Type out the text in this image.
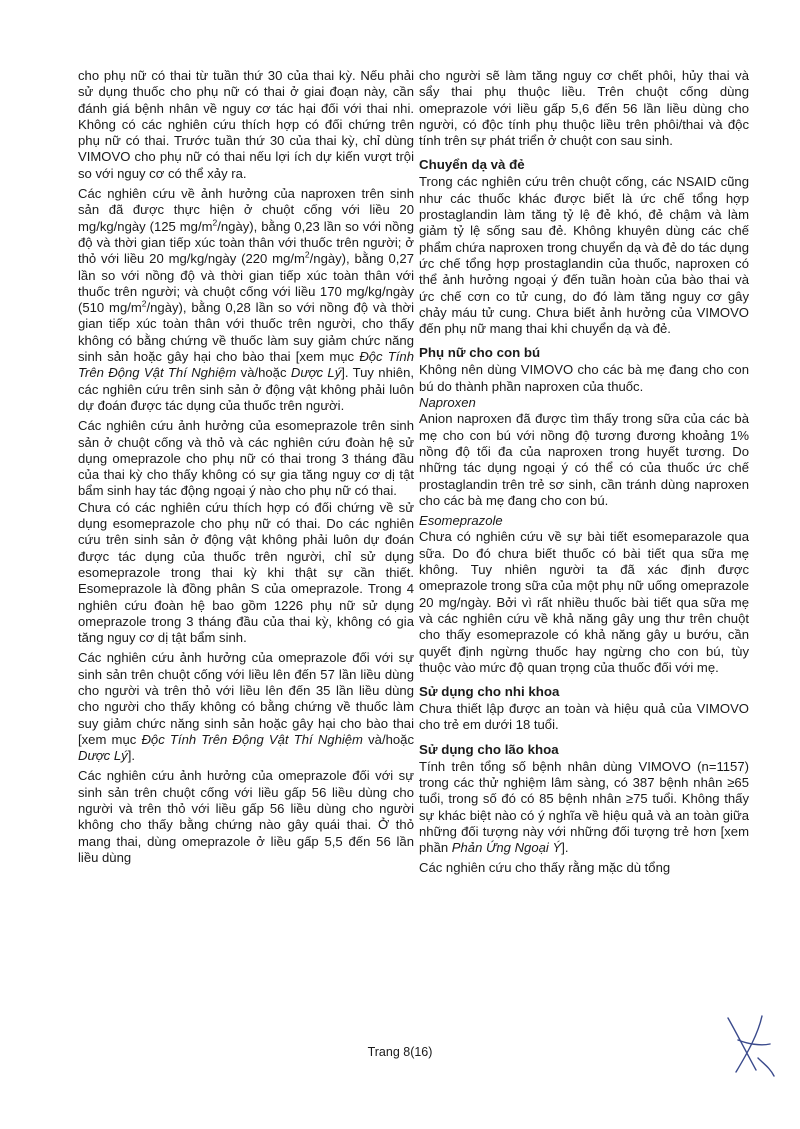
cho phụ nữ có thai từ tuần thứ 30 của thai kỳ. Nếu phải sử dụng thuốc cho phụ nữ có thai ở giai đoạn này, cần đánh giá bệnh nhân về nguy cơ tác hại đối với thai nhi. Không có các nghiên cứu thích hợp có đối chứng trên phụ nữ có thai. Trước tuần thứ 30 của thai kỳ, chỉ dùng VIMOVO cho phụ nữ có thai nếu lợi ích dự kiến vượt trội so với nguy cơ có thể xảy ra.

Các nghiên cứu về ảnh hưởng của naproxen trên sinh sản đã được thực hiện ở chuột cống với liều 20 mg/kg/ngày (125 $mg/m^2/ngày$), bằng 0,23 lần so với nồng độ và thời gian tiếp xúc toàn thân với thuốc trên người; ở thỏ với liều 20 mg/kg/ngày (220 $mg/m^2/ngày$), bằng 0,27 lần so với nồng độ và thời gian tiếp xúc toàn thân với thuốc trên người; và chuột cống với liều 170 mg/kg/ngày (510 $mg/m^2/ngày$), bằng 0,28 lần so với nồng độ và thời gian tiếp xúc toàn thân với thuốc trên người, cho thấy không có bằng chứng về thuốc làm suy giảm chức năng sinh sản hoặc gây hại cho bào thai [xem mục Độc Tính Trên Động Vật Thí Nghiệm và/hoặc Dược Lý]. Tuy nhiên, các nghiên cứu trên sinh sản ở động vật không phải luôn dự đoán được tác dụng của thuốc trên người.

Các nghiên cứu ảnh hưởng của esomeprazole trên sinh sản ở chuột cống và thỏ và các nghiên cứu đoàn hệ sử dụng omeprazole cho phụ nữ có thai trong 3 tháng đầu của thai kỳ cho thấy không có sự gia tăng nguy cơ dị tật bẩm sinh hay tác động ngoại ý nào cho phụ nữ có thai.

Chưa có các nghiên cứu thích hợp có đối chứng về sử dụng esomeprazole cho phụ nữ có thai. Do các nghiên cứu trên sinh sản ở động vật không phải luôn dự đoán được tác dụng của thuốc trên người, chỉ sử dụng esomeprazole trong thai kỳ khi thật sự cần thiết. Esomeprazole là đồng phân S của omeprazole. Trong 4 nghiên cứu đoàn hệ bao gồm 1226 phụ nữ sử dụng omeprazole trong 3 tháng đầu của thai kỳ, không có gia tăng nguy cơ dị tật bẩm sinh.

Các nghiên cứu ảnh hưởng của omeprazole đối với sự sinh sản trên chuột cống với liều lên đến 57 lần liều dùng cho người và trên thỏ với liều lên đến 35 lần liều dùng cho người cho thấy không có bằng chứng về thuốc làm suy giảm chức năng sinh sản hoặc gây hại cho bào thai [xem mục Độc Tính Trên Động Vật Thí Nghiệm và/hoặc Dược Lý].

Các nghiên cứu ảnh hưởng của omeprazole đối với sự sinh sản trên chuột cống với liều gấp 56 liều dùng cho người và trên thỏ với liều gấp 56 liều dùng cho người không cho thấy bằng chứng nào gây quái thai. Ở thỏ mang thai, dùng omeprazole ở liều gấp 5,5 đến 56 lần liều dùng

cho người sẽ làm tăng nguy cơ chết phôi, hủy thai và sẩy thai phụ thuộc liều. Trên chuột cống dùng omeprazole với liều gấp 5,6 đến 56 lần liều dùng cho người, có độc tính phụ thuộc liều trên phôi/thai và độc tính trên sự phát triển ở chuột con sau sinh.

Chuyển dạ và đẻ

Trong các nghiên cứu trên chuột cống, các NSAID cũng như các thuốc khác được biết là ức chế tổng hợp prostaglandin làm tăng tỷ lệ đẻ khó, đẻ chậm và làm giảm tỷ lệ sống sau đẻ. Không khuyên dùng các chế phẩm chứa naproxen trong chuyển dạ và đẻ do tác dụng ức chế tổng hợp prostaglandin của thuốc, naproxen có thể ảnh hưởng ngoại ý đến tuần hoàn của bào thai và ức chế cơn co tử cung, do đó làm tăng nguy cơ gây chảy máu tử cung. Chưa biết ảnh hưởng của VIMOVO đến phụ nữ mang thai khi chuyển dạ và đẻ.

Phụ nữ cho con bú

Không nên dùng VIMOVO cho các bà mẹ đang cho con bú do thành phần naproxen của thuốc.

Naproxen

Anion naproxen đã được tìm thấy trong sữa của các bà mẹ cho con bú với nồng độ tương đương khoảng 1% nồng độ tối đa của naproxen trong huyết tương. Do những tác dụng ngoại ý có thể có của thuốc ức chế prostaglandin trên trẻ sơ sinh, cần tránh dùng naproxen cho các bà mẹ đang cho con bú.

Esomeprazole

Chưa có nghiên cứu về sự bài tiết esomeparazole qua sữa. Do đó chưa biết thuốc có bài tiết qua sữa mẹ không. Tuy nhiên người ta đã xác định được omeprazole trong sữa của một phụ nữ uống omeprazole 20 mg/ngày. Bởi vì rất nhiều thuốc bài tiết qua sữa mẹ và các nghiên cứu về khả năng gây ung thư trên chuột cho thấy esomeprazole có khả năng gây u bướu, cần quyết định ngừng thuốc hay ngừng cho con bú, tùy thuộc vào mức độ quan trọng của thuốc đối với mẹ.

Sử dụng cho nhi khoa

Chưa thiết lập được an toàn và hiệu quả của VIMOVO cho trẻ em dưới 18 tuổi.

Sử dụng cho lão khoa

Tính trên tổng số bệnh nhân dùng VIMOVO (n=1157) trong các thử nghiệm lâm sàng, có 387 bệnh nhân ≥65 tuổi, trong số đó có 85 bệnh nhân ≥75 tuổi. Không thấy sự khác biệt nào có ý nghĩa về hiệu quả và an toàn giữa những đối tượng này với những đối tượng trẻ hơn [xem phần Phản Ứng Ngoại Ý].

Các nghiên cứu cho thấy rằng mặc dù tổng

Trang 8(16)
